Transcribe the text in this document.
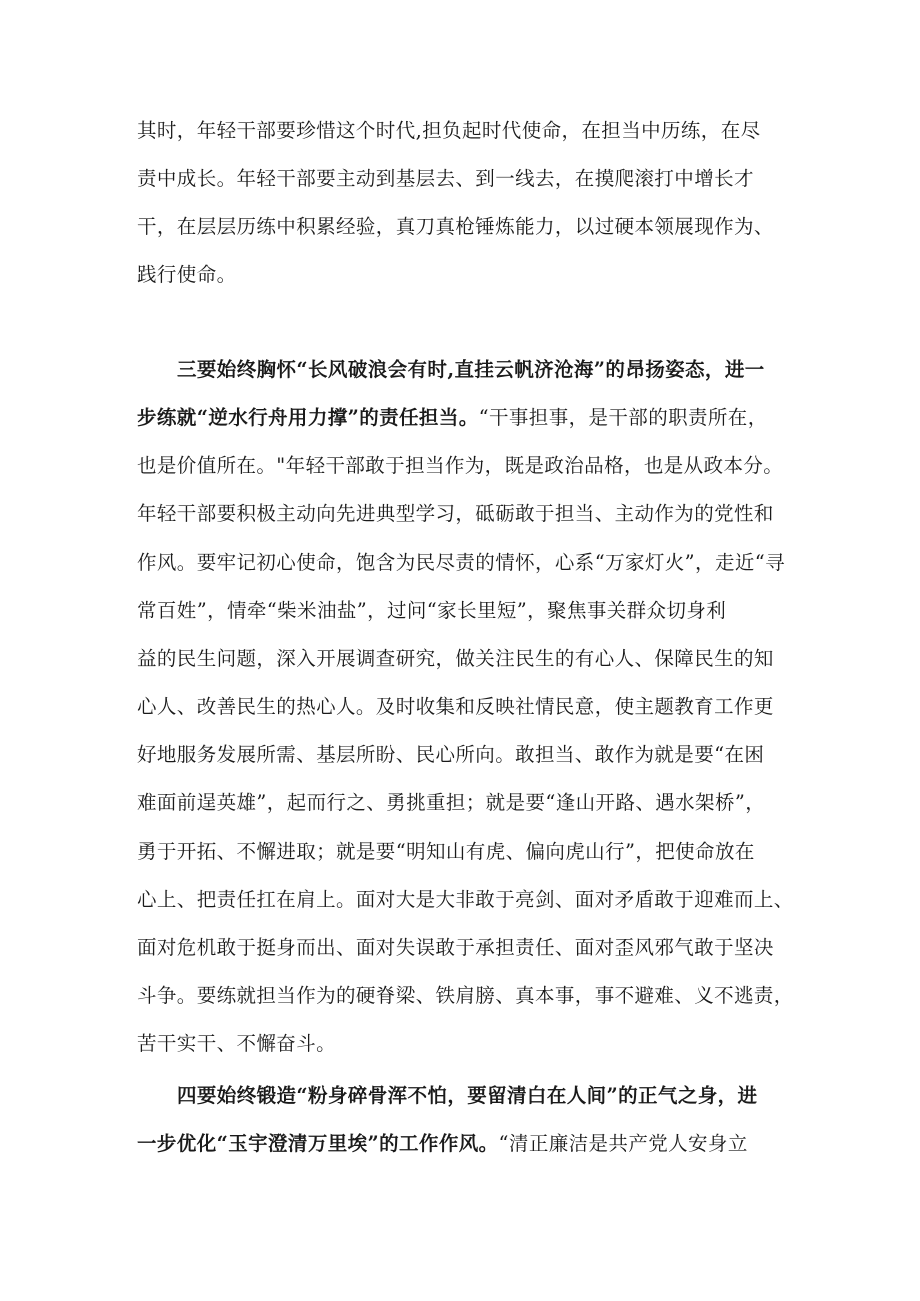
其时，年轻干部要珍惜这个时代,担负起时代使命，在担当中历练，在尽
责中成长。年轻干部要主动到基层去、到一线去，在摸爬滚打中增长才
干，在层层历练中积累经验，真刀真枪锤炼能力，以过硬本领展现作为、
践行使命。
三要始终胸怀“长风破浪会有时,直挂云帆济沧海”的昂扬姿态，进一
步练就“逆水行舟用力撑”的责任担当。“干事担事，是干部的职责所在，
也是价值所在。"年轻干部敢于担当作为，既是政治品格，也是从政本分。
年轻干部要积极主动向先进典型学习，砥砺敢于担当、主动作为的党性和
作风。要牢记初心使命，饱含为民尽责的情怀，心系“万家灯火”，走近“寻
常百姓”，情牵“柴米油盐”，过问“家长里短”，聚焦事关群众切身利
益的民生问题，深入开展调查研究，做关注民生的有心人、保障民生的知
心人、改善民生的热心人。及时收集和反映社情民意，使主题教育工作更
好地服务发展所需、基层所盼、民心所向。敢担当、敢作为就是要“在困
难面前逞英雄”，起而行之、勇挑重担；就是要“逢山开路、遇水架桥”，
勇于开拓、不懈进取；就是要“明知山有虎、偏向虎山行”，把使命放在
心上、把责任扛在肩上。面对大是大非敢于亮剑、面对矛盾敢于迎难而上、
面对危机敢于挺身而出、面对失误敢于承担责任、面对歪风邪气敢于坚决
斗争。要练就担当作为的硬脊梁、铁肩膀、真本事，事不避难、义不逃责，
苦干实干、不懈奋斗。
四要始终锻造“粉身碎骨浑不怕，要留清白在人间”的正气之身，进
一步优化“玉宇澄清万里埃”的工作作风。“清正廉洁是共产党人安身立
